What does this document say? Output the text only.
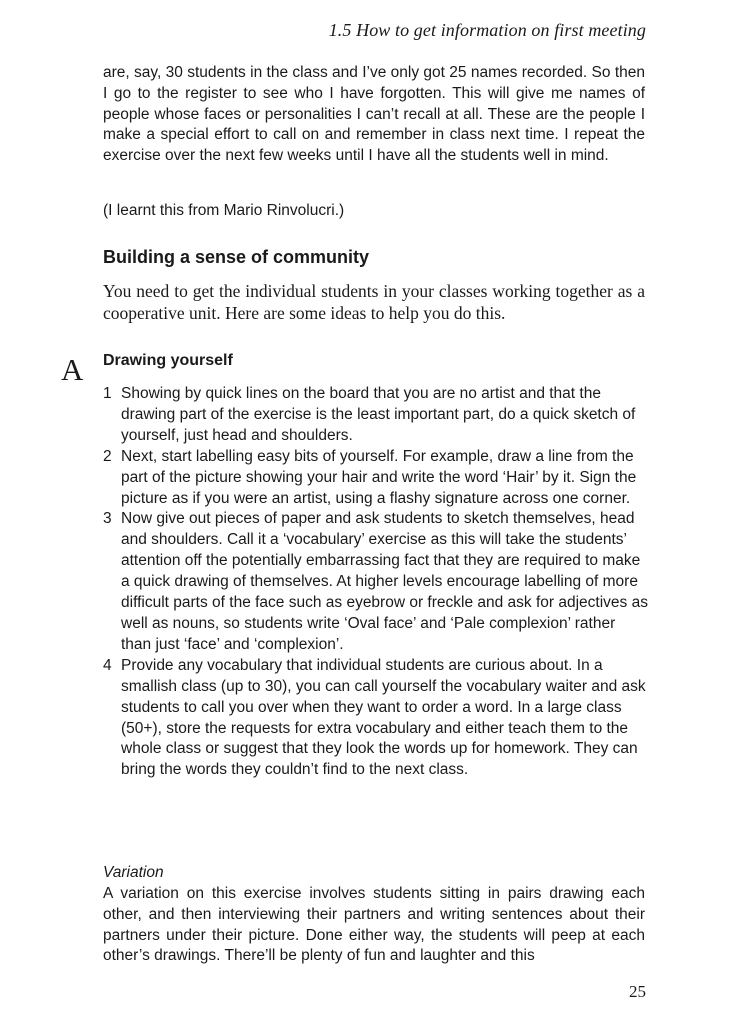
1.5 How to get information on first meeting

are, say, 30 students in the class and I’ve only got 25 names recorded. So then I go to the register to see who I have forgotten. This will give me names of people whose faces or personalities I can’t recall at all. These are the people I make a special effort to call on and remember in class next time. I repeat the exercise over the next few weeks until I have all the students well in mind.

(I learnt this from Mario Rinvolucri.)

Building a sense of community

You need to get the individual students in your classes working together as a cooperative unit. Here are some ideas to help you do this.

A Drawing yourself
1 Showing by quick lines on the board that you are no artist and that the drawing part of the exercise is the least important part, do a quick sketch of yourself, just head and shoulders.
2 Next, start labelling easy bits of yourself. For example, draw a line from the part of the picture showing your hair and write the word ‘Hair’ by it. Sign the picture as if you were an artist, using a flashy signature across one corner.
3 Now give out pieces of paper and ask students to sketch themselves, head and shoulders. Call it a ‘vocabulary’ exercise as this will take the students’ attention off the potentially embarrassing fact that they are required to make a quick drawing of themselves. At higher levels encourage labelling of more difficult parts of the face such as eyebrow or freckle and ask for adjectives as well as nouns, so students write ‘Oval face’ and ‘Pale complexion’ rather than just ‘face’ and ‘complexion’.
4 Provide any vocabulary that individual students are curious about. In a smallish class (up to 30), you can call yourself the vocabulary waiter and ask students to call you over when they want to order a word. In a large class (50+), store the requests for extra vocabulary and either teach them to the whole class or suggest that they look the words up for homework. They can bring the words they couldn’t find to the next class.
Variation

A variation on this exercise involves students sitting in pairs drawing each other, and then interviewing their partners and writing sentences about their partners under their picture. Done either way, the students will peep at each other’s drawings. There’ll be plenty of fun and laughter and this

25
